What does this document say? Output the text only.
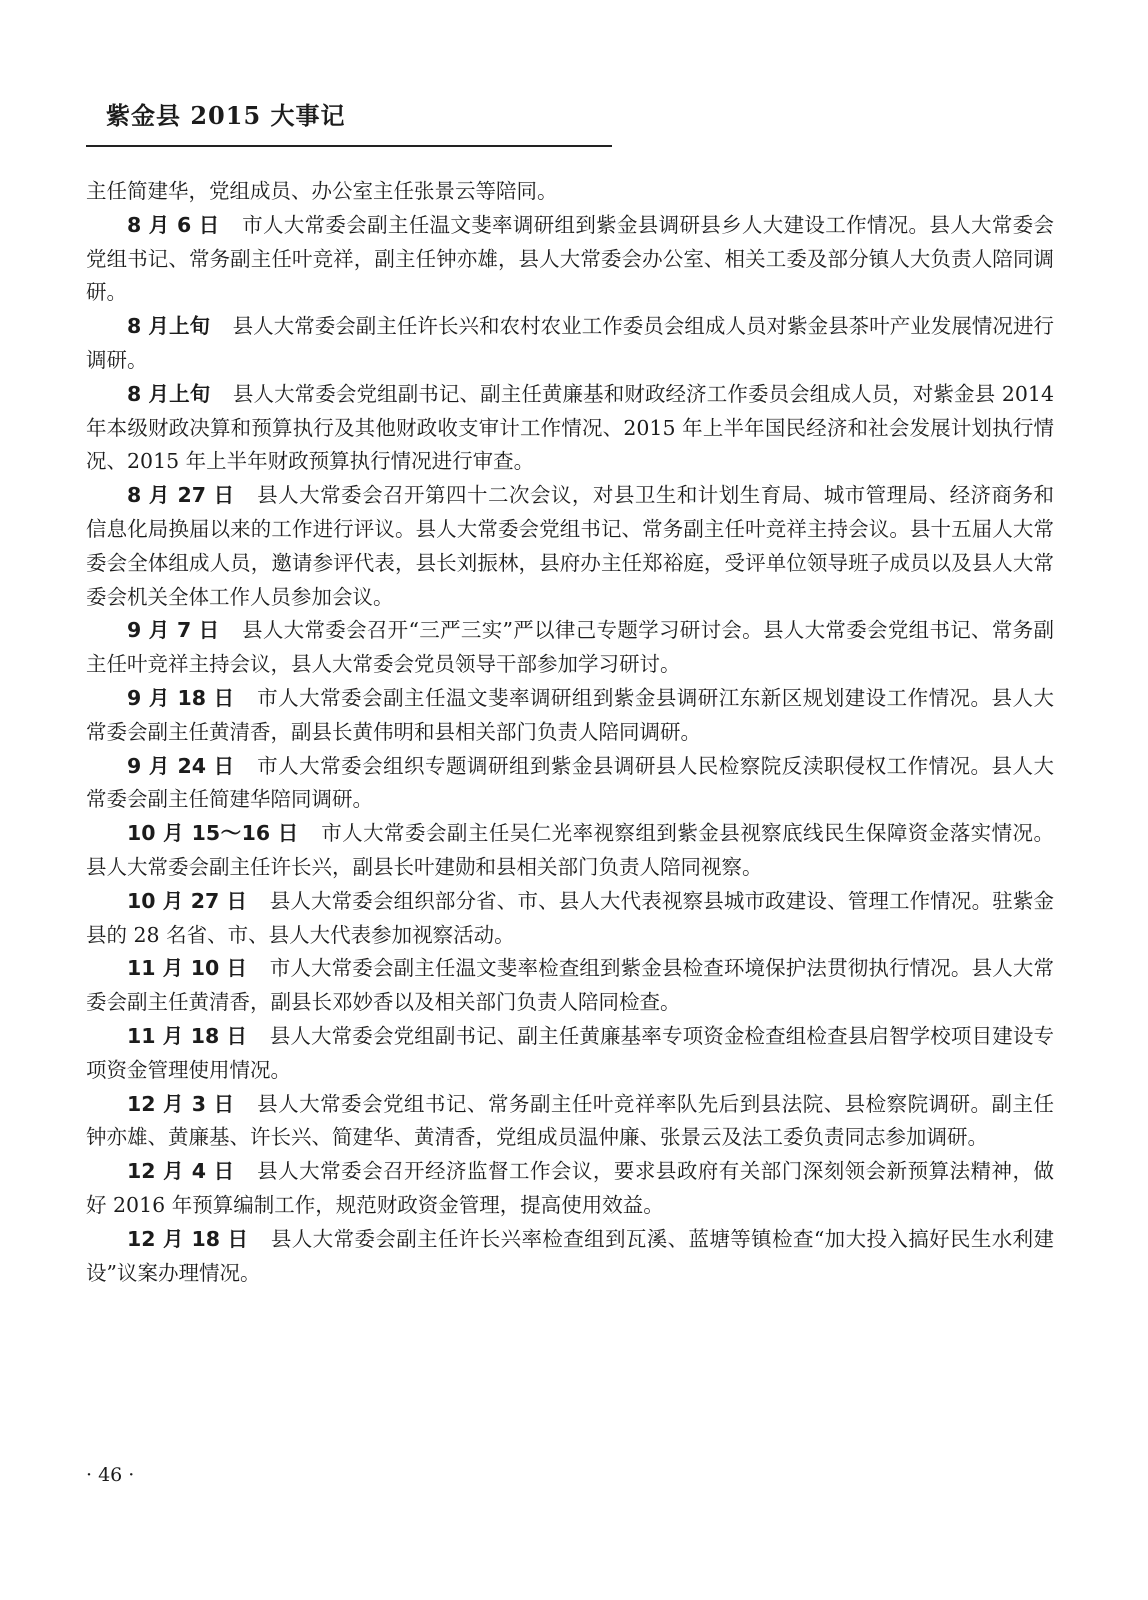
紫金县 2015 大事记

主任简建华，党组成员、办公室主任张景云等陪同。

8 月 6 日 市人大常委会副主任温文斐率调研组到紫金县调研县乡人大建设工作情况。县人大常委会党组书记、常务副主任叶竞祥，副主任钟亦雄，县人大常委会办公室、相关工委及部分镇人大负责人陪同调研。

8 月上旬 县人大常委会副主任许长兴和农村农业工作委员会组成人员对紫金县茶叶产业发展情况进行调研。

8 月上旬 县人大常委会党组副书记、副主任黄廉基和财政经济工作委员会组成人员，对紫金县 2014 年本级财政决算和预算执行及其他财政收支审计工作情况、2015 年上半年国民经济和社会发展计划执行情况、2015 年上半年财政预算执行情况进行审查。

8 月 27 日 县人大常委会召开第四十二次会议，对县卫生和计划生育局、城市管理局、经济商务和信息化局换届以来的工作进行评议。县人大常委会党组书记、常务副主任叶竞祥主持会议。县十五届人大常委会全体组成人员，邀请参评代表，县长刘振林，县府办主任郑裕庭，受评单位领导班子成员以及县人大常委会机关全体工作人员参加会议。

9 月 7 日 县人大常委会召开“三严三实”严以律己专题学习研讨会。县人大常委会党组书记、常务副主任叶竞祥主持会议，县人大常委会党员领导干部参加学习研讨。

9 月 18 日 市人大常委会副主任温文斐率调研组到紫金县调研江东新区规划建设工作情况。县人大常委会副主任黄清香，副县长黄伟明和县相关部门负责人陪同调研。

9 月 24 日 市人大常委会组织专题调研组到紫金县调研县人民检察院反渎职侵权工作情况。县人大常委会副主任简建华陪同调研。

10 月 15～16 日 市人大常委会副主任吴仁光率视察组到紫金县视察底线民生保障资金落实情况。县人大常委会副主任许长兴，副县长叶建勋和县相关部门负责人陪同视察。

10 月 27 日 县人大常委会组织部分省、市、县人大代表视察县城市政建设、管理工作情况。驻紫金县的 28 名省、市、县人大代表参加视察活动。

11 月 10 日 市人大常委会副主任温文斐率检查组到紫金县检查环境保护法贯彻执行情况。县人大常委会副主任黄清香，副县长邓妙香以及相关部门负责人陪同检查。

11 月 18 日 县人大常委会党组副书记、副主任黄廉基率专项资金检查组检查县启智学校项目建设专项资金管理使用情况。

12 月 3 日 县人大常委会党组书记、常务副主任叶竞祥率队先后到县法院、县检察院调研。副主任钟亦雄、黄廉基、许长兴、简建华、黄清香，党组成员温仲廉、张景云及法工委负责同志参加调研。

12 月 4 日 县人大常委会召开经济监督工作会议，要求县政府有关部门深刻领会新预算法精神，做好 2016 年预算编制工作，规范财政资金管理，提高使用效益。

12 月 18 日 县人大常委会副主任许长兴率检查组到瓦溪、蓝塘等镇检查“加大投入搞好民生水利建设”议案办理情况。

· 46 ·
